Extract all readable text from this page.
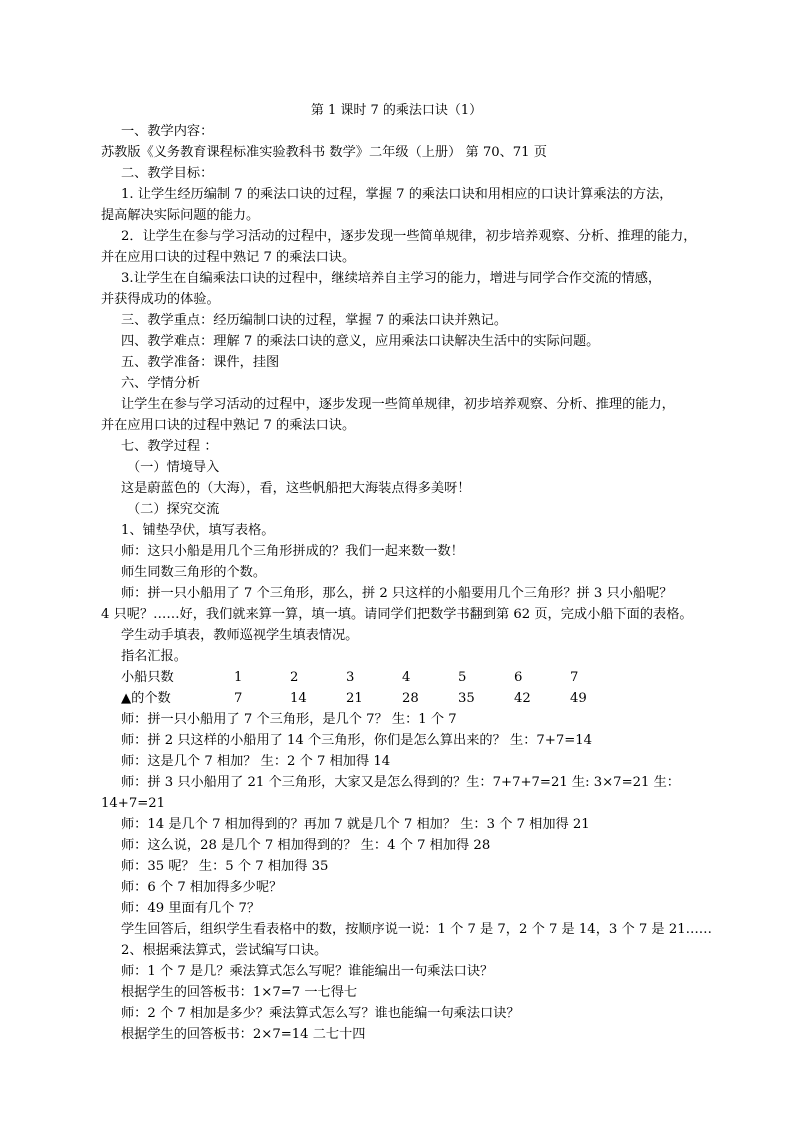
第 1 课时 7 的乘法口诀（1）
一、教学内容：
苏教版《义务教育课程标准实验教科书 数学》二年级（上册） 第 70、71 页
二、教学目标：
1. 让学生经历编制 7 的乘法口诀的过程，掌握 7 的乘法口诀和用相应的口诀计算乘法的方法，
提高解决实际问题的能力。
2．让学生在参与学习活动的过程中，逐步发现一些简单规律，初步培养观察、分析、推理的能力，
并在应用口诀的过程中熟记 7 的乘法口诀。
3.让学生在自编乘法口诀的过程中，继续培养自主学习的能力，增进与同学合作交流的情感，
并获得成功的体验。
三、教学重点：经历编制口诀的过程，掌握 7 的乘法口诀并熟记。
四、教学难点：理解 7 的乘法口诀的意义，应用乘法口诀解决生活中的实际问题。
五、教学准备：课件，挂图
六、学情分析
让学生在参与学习活动的过程中，逐步发现一些简单规律，初步培养观察、分析、推理的能力，
并在应用口诀的过程中熟记 7 的乘法口诀。
七、教学过程 ：
（一）情境导入
这是蔚蓝色的（大海），看，这些帆船把大海装点得多美呀！
（二）探究交流
1、铺垫孕伏，填写表格。
师：这只小船是用几个三角形拼成的？我们一起来数一数！
师生同数三角形的个数。
师：拼一只小船用了 7 个三角形，那么，拼 2 只这样的小船要用几个三角形？拼 3 只小船呢？
4 只呢？……好，我们就来算一算，填一填。请同学们把数学书翻到第 62 页，完成小船下面的表格。
学生动手填表，教师巡视学生填表情况。
指名汇报。
小船只数	1	2	3	4	5	6	7
▲的个数	7	14	21	28	35	42	49
师：拼一只小船用了 7 个三角形，是几个 7？ 生：1 个 7
师：拼 2 只这样的小船用了 14 个三角形，你们是怎么算出来的？ 生：7+7=14
师：这是几个 7 相加？ 生：2 个 7 相加得 14
师：拼 3 只小船用了 21 个三角形，大家又是怎么得到的？生：7+7+7=21 生: 3×7=21 生：
14+7=21
师：14 是几个 7 相加得到的？再加 7 就是几个 7 相加？ 生：3 个 7 相加得 21
师：这么说，28 是几个 7 相加得到的？ 生：4 个 7 相加得 28
师：35 呢？ 生：5 个 7 相加得 35
师：6 个 7 相加得多少呢？
师：49 里面有几个 7？
学生回答后，组织学生看表格中的数，按顺序说一说：1 个 7 是 7，2 个 7 是 14，3 个 7 是 21……
2、根据乘法算式，尝试编写口诀。
师：1 个 7 是几？乘法算式怎么写呢？谁能编出一句乘法口诀？
根据学生的回答板书：1×7=7 一七得七
师：2 个 7 相加是多少？乘法算式怎么写？谁也能编一句乘法口诀？
根据学生的回答板书：2×7=14 二七十四
